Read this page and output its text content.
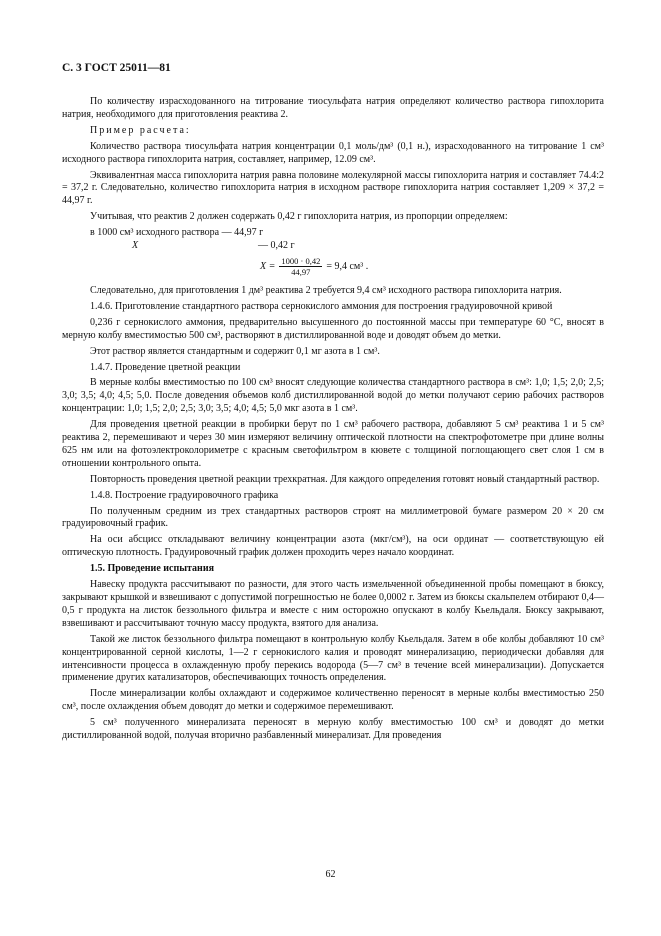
С. 3 ГОСТ 25011—81

По количеству израсходованного на титрование тиосульфата натрия определяют количество раствора гипохлорита натрия, необходимого для приготовления реактива 2.

Пример расчета:

Количество раствора тиосульфата натрия концентрации 0,1 моль/дм³ (0,1 н.), израсходованного на титрование 1 см³ исходного раствора гипохлорита натрия, составляет, например, 12.09 см³.

Эквивалентная масса гипохлорита натрия равна половине молекулярной массы гипохлорита натрия и составляет 74.4:2 = 37,2 г. Следовательно, количество гипохлорита натрия в исходном растворе гипохлорита натрия составляет 1,209 × 37,2 = 44,97 г.

Учитывая, что реактив 2 должен содержать 0,42 г гипохлорита натрия, из пропорции определяем:

в 1000 см³ исходного раствора — 44,97 г
X	— 0,42 г
$X = \frac{1000 \cdot 0,42}{44,97} = 9,4$ см³ .

Следовательно, для приготовления 1 дм³ реактива 2 требуется 9,4 см³ исходного раствора гипохлорита натрия.

1.4.6. Приготовление стандартного раствора сернокислого аммония для построения градуировочной кривой

0,236 г сернокислого аммония, предварительно высушенного до постоянной массы при температуре 60 °С, вносят в мерную колбу вместимостью 500 см³, растворяют в дистиллированной воде и доводят объем до метки.

Этот раствор является стандартным и содержит 0,1 мг азота в 1 см³.

1.4.7. Проведение цветной реакции

В мерные колбы вместимостью по 100 см³ вносят следующие количества стандартного раствора в см³: 1,0; 1,5; 2,0; 2,5; 3,0; 3,5; 4,0; 4,5; 5,0. После доведения объемов колб дистиллированной водой до метки получают серию рабочих растворов концентрации: 1,0; 1,5; 2,0; 2,5; 3,0; 3,5; 4,0; 4,5; 5,0 мкг азота в 1 см³.

Для проведения цветной реакции в пробирки берут по 1 см³ рабочего раствора, добавляют 5 см³ реактива 1 и 5 см³ реактива 2, перемешивают и через 30 мин измеряют величину оптической плотности на спектрофотометре при длине волны 625 нм или на фотоэлектроколориметре с красным светофильтром в кювете с толщиной поглощающего свет слоя 1 см в отношении контрольного опыта.

Повторность проведения цветной реакции трехкратная. Для каждого определения готовят новый стандартный раствор.

1.4.8. Построение градуировочного графика

По полученным средним из трех стандартных растворов строят на миллиметровой бумаге размером 20 × 20 см градуировочный график.

На оси абсцисс откладывают величину концентрации азота (мкг/см³), на оси ординат — соответствующую ей оптическую плотность. Градуировочный график должен проходить через начало координат.

1.5. Проведение испытания

Навеску продукта рассчитывают по разности, для этого часть измельченной объединенной пробы помещают в бюксу, закрывают крышкой и взвешивают с допустимой погрешностью не более 0,0002 г. Затем из бюксы скальпелем отбирают 0,4—0,5 г продукта на листок беззольного фильтра и вместе с ним осторожно опускают в колбу Кьельдаля. Бюксу закрывают, взвешивают и рассчитывают точную массу продукта, взятого для анализа.

Такой же листок беззольного фильтра помещают в контрольную колбу Кьельдаля. Затем в обе колбы добавляют 10 см³ концентрированной серной кислоты, 1—2 г сернокислого калия и проводят минерализацию, периодически добавляя для интенсивности процесса в охлажденную пробу перекись водорода (5—7 см³ в течение всей минерализации). Допускается применение других катализаторов, обеспечивающих точность определения.

После минерализации колбы охлаждают и содержимое количественно переносят в мерные колбы вместимостью 250 см³, после охлаждения объем доводят до метки и содержимое перемешивают.

5 см³ полученного минерализата переносят в мерную колбу вместимостью 100 см³ и доводят до метки дистиллированной водой, получая вторично разбавленный минерализат. Для проведения

62
